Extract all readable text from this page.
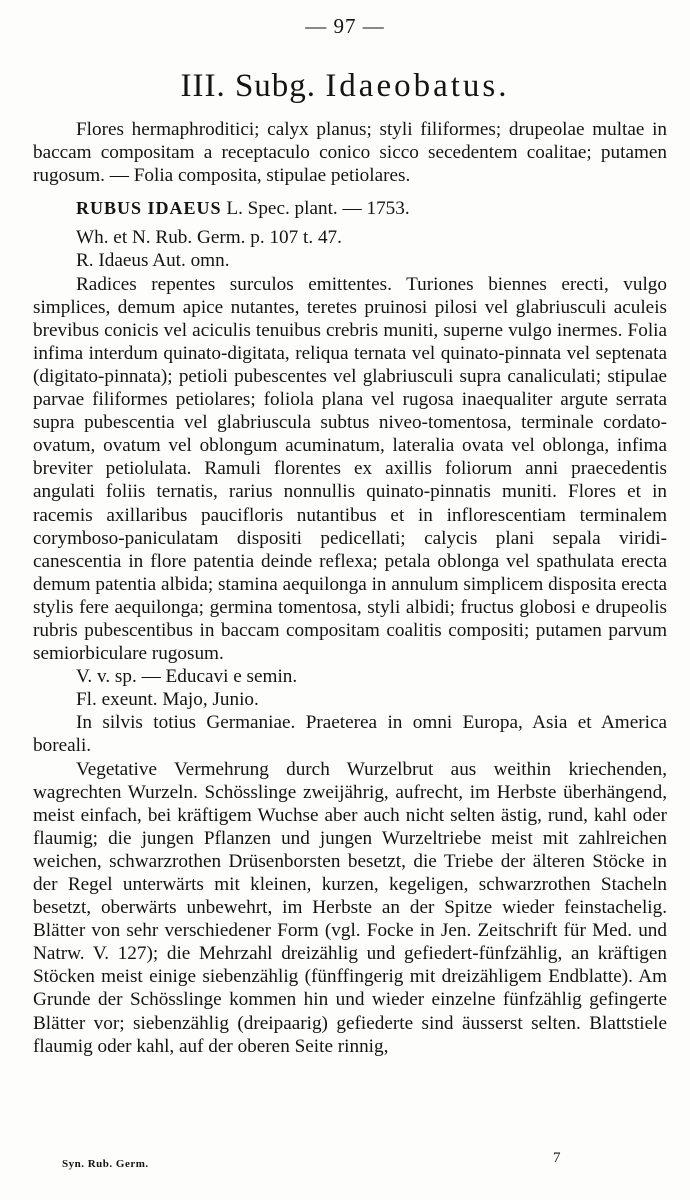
— 97 —
III. Subg. Idaeobatus.

Flores hermaphroditici; calyx planus; styli filiformes; drupeolae multae in baccam compositam a receptaculo conico sicco secedentem coalitae; putamen rugosum. — Folia composita, stipulae petiolares.

RUBUS IDAEUS L. Spec. plant. — 1753.

Wh. et N. Rub. Germ. p. 107 t. 47.

R. Idaeus Aut. omn.

Radices repentes surculos emittentes. Turiones biennes erecti, vulgo simplices, demum apice nutantes, teretes pruinosi pilosi vel glabriusculi aculeis brevibus conicis vel aciculis tenuibus crebris muniti, superne vulgo inermes. Folia infima interdum quinato-digitata, reliqua ternata vel quinato-pinnata vel septenata (digitato-pinnata); petioli pubescentes vel glabriusculi supra canaliculati; stipulae parvae filiformes petiolares; foliola plana vel rugosa inaequaliter argute serrata supra pubescentia vel glabriuscula subtus niveo-tomentosa, terminale cordato-ovatum, ovatum vel oblongum acuminatum, lateralia ovata vel oblonga, infima breviter petiolulata. Ramuli florentes ex axillis foliorum anni praecedentis angulati foliis ternatis, rarius nonnullis quinato-pinnatis muniti. Flores et in racemis axillaribus paucifloris nutantibus et in inflorescentiam terminalem corymboso-paniculatam dispositi pedicellati; calycis plani sepala viridi-canescentia in flore patentia deinde reflexa; petala oblonga vel spathulata erecta demum patentia albida; stamina aequilonga in annulum simplicem disposita erecta stylis fere aequilonga; germina tomentosa, styli albidi; fructus globosi e drupeolis rubris pubescentibus in baccam compositam coalitis compositi; putamen parvum semiorbiculare rugosum.

V. v. sp. — Educavi e semin.

Fl. exeunt. Majo, Junio.

In silvis totius Germaniae. Praeterea in omni Europa, Asia et America boreali.

Vegetative Vermehrung durch Wurzelbrut aus weithin kriechenden, wagrechten Wurzeln. Schösslinge zweijährig, aufrecht, im Herbste überhängend, meist einfach, bei kräftigem Wuchse aber auch nicht selten ästig, rund, kahl oder flaumig; die jungen Pflanzen und jungen Wurzeltriebe meist mit zahlreichen weichen, schwarzrothen Drüsenborsten besetzt, die Triebe der älteren Stöcke in der Regel unterwärts mit kleinen, kurzen, kegeligen, schwarzrothen Stacheln besetzt, oberwärts unbewehrt, im Herbste an der Spitze wieder feinstachelig. Blätter von sehr verschiedener Form (vgl. Focke in Jen. Zeitschrift für Med. und Natrw. V. 127); die Mehrzahl dreizählig und gefiedert-fünfzählig, an kräftigen Stöcken meist einige siebenzählig (fünffingerig mit dreizähligem Endblatte). Am Grunde der Schösslinge kommen hin und wieder einzelne fünfzählig gefingerte Blätter vor; siebenzählig (dreipaarig) gefiederte sind äusserst selten. Blattstiele flaumig oder kahl, auf der oberen Seite rinnig,

Syn. Rub. Germ.	7
